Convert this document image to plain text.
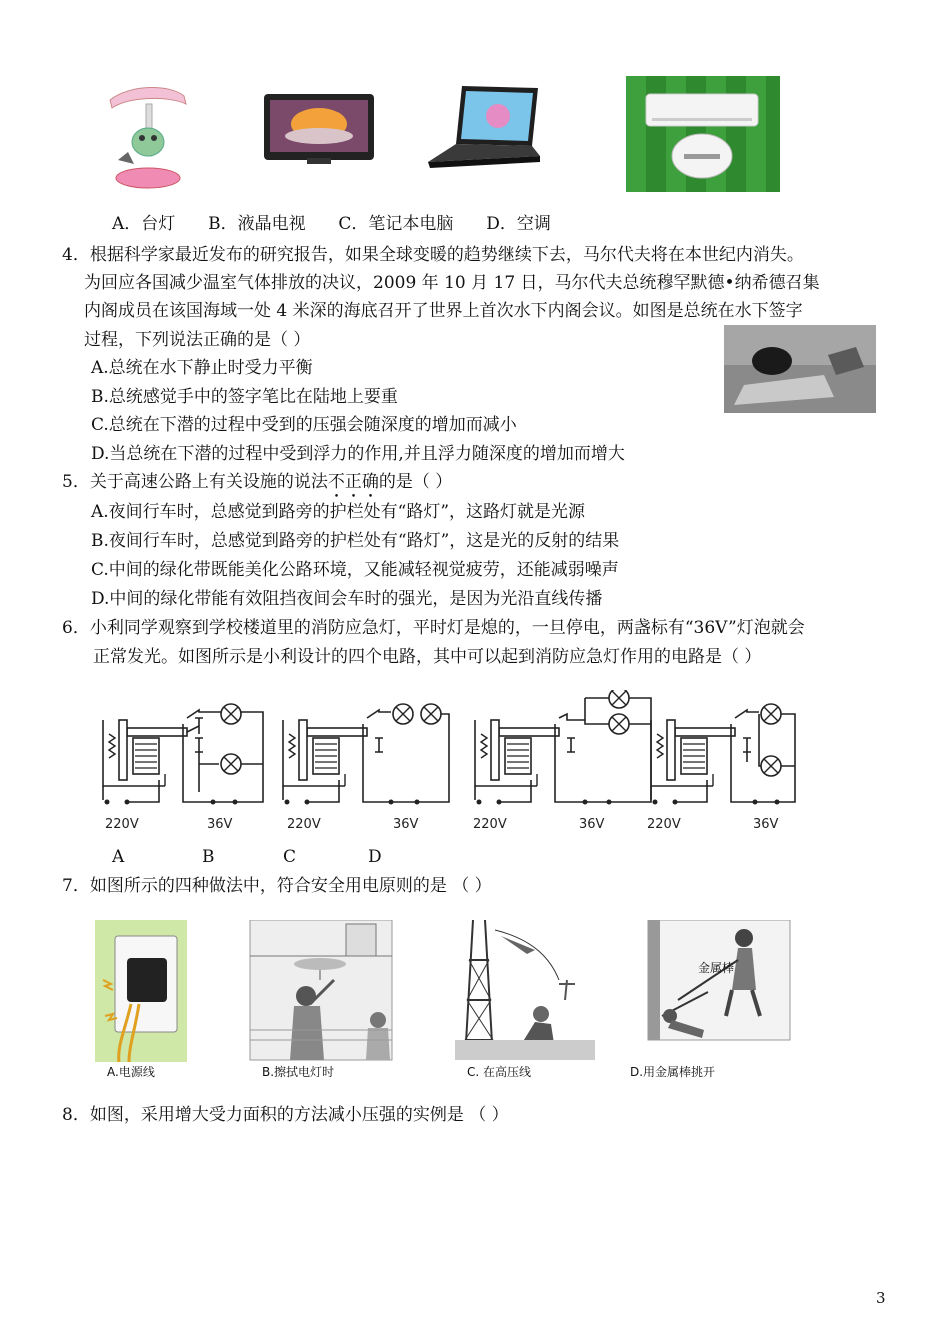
A．台灯 B．液晶电视 C．笔记本电脑 D．空调
4．根据科学家最近发布的研究报告，如果全球变暖的趋势继续下去，马尔代夫将在本世纪内消失。
为回应各国减少温室气体排放的决议，2009 年 10 月 17 日，马尔代夫总统穆罕默德•纳希德召集
内阁成员在该国海域一处 4 米深的海底召开了世界上首次水下内阁会议。如图是总统在水下签字
过程，下列说法正确的是（ ）
A.总统在水下静止时受力平衡
B.总统感觉手中的签字笔比在陆地上要重
C.总统在下潜的过程中受到的压强会随深度的增加而减小
D.当总统在下潜的过程中受到浮力的作用,并且浮力随深度的增加而增大
5．关于高速公路上有关设施的说法不正确的是（ ）
A.夜间行车时，总感觉到路旁的护栏处有“路灯”，这路灯就是光源
B.夜间行车时，总感觉到路旁的护栏处有“路灯”，这是光的反射的结果
C.中间的绿化带既能美化公路环境，又能减轻视觉疲劳，还能减弱噪声
D.中间的绿化带能有效阻挡夜间会车时的强光，是因为光沿直线传播
6．小利同学观察到学校楼道里的消防应急灯，平时灯是熄的，一旦停电，两盏标有“36V”灯泡就会
正常发光。如图所示是小利设计的四个电路，其中可以起到消防应急灯作用的电路是（ ）
220V	36V	220V	36V	220V	36V	220V	36V
A	B	C	D
7．如图所示的四种做法中，符合安全用电原则的是 （ ）
A.电源线	B.擦拭电灯时	C. 在高压线
金属棒
D.用金属棒挑开
8．如图，采用增大受力面积的方法减小压强的实例是 （ ）
3
